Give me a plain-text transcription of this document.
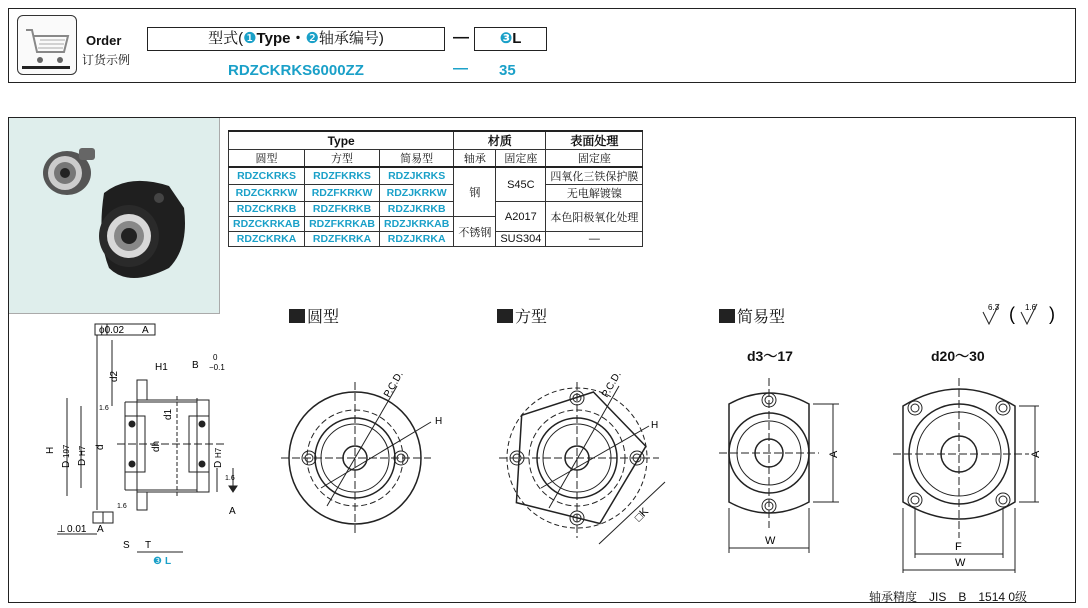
Order
订货示例
型式(❶Type・❷轴承编号)	—	❸L
RDZCKRKS6000ZZ	— 35
Type			材质		表面处理
圆型	方型	简易型	轴承	固定座	固定座
RDZCKRKS	RDZFKRKS	RDZJKRKS	钢	S45C	四氧化三铁保护膜
RDZCKRKW	RDZFKRKW	RDZJKRKW			无电解镀镍
RDZCKRKB	RDZFKRKB	RDZJKRKB		A2017	本色阳极氧化处理
RDZCKRKAB	RDZFKRKAB	RDZJKRKAB	不锈钢		
RDZCKRKA	RDZFKRKA	RDZJKRKA		SUS304	—
圆型	方型	简易型
d3～17	d20～30
6.3 ( 1.6 )
ϕ0.02 A
⊥ 0.01 A
H1 B
0
−0.1
d2
d1
H
D
197
D
H7 d	dh
D
H7
1.6
1.6
1.6	A
S T
❸ L
P.C.D.
H
P.C.D.
H
□K
W
A
F
W
A
轴承精度　JIS　B　1514 0级
